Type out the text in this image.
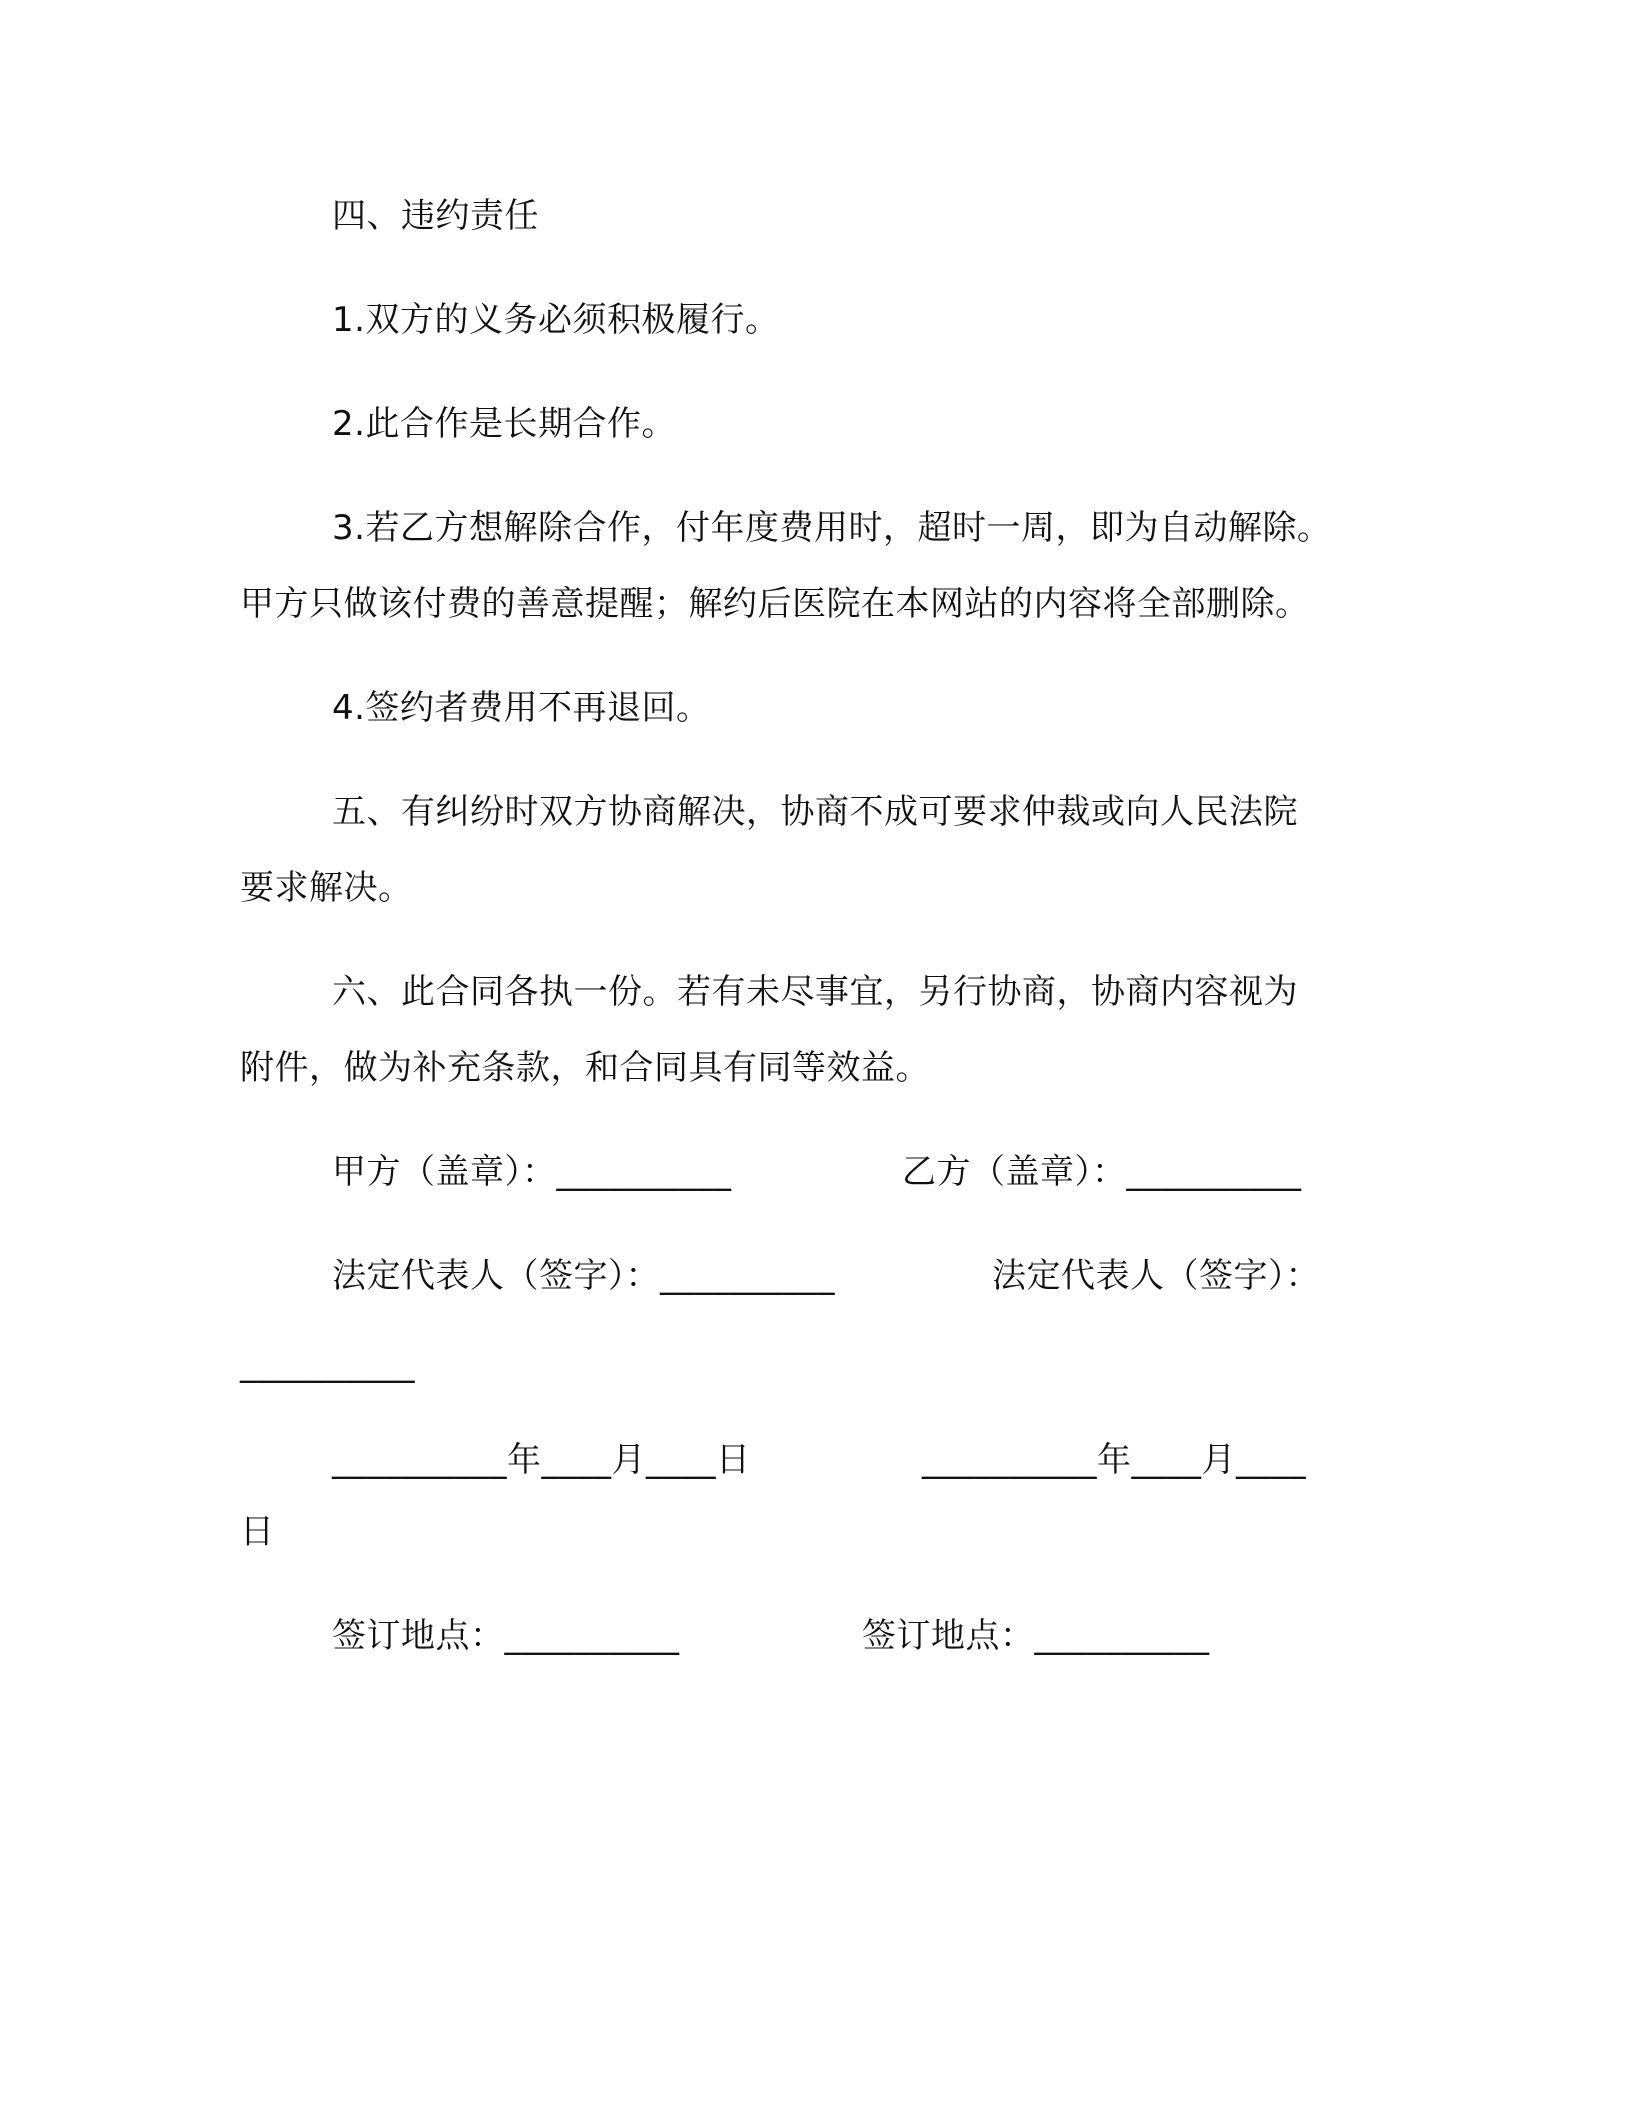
四、违约责任
1.双方的义务必须积极履行。
2.此合作是长期合作。
3.若乙方想解除合作，付年度费用时，超时一周，即为自动解除。
甲方只做该付费的善意提醒；解约后医院在本网站的内容将全部删除。
4.签约者费用不再退回。
五、有纠纷时双方协商解决，协商不成可要求仲裁或向人民法院
要求解决。
六、此合同各执一份。若有未尽事宜，另行协商，协商内容视为
附件，做为补充条款，和合同具有同等效益。
甲方（盖章）：__________	乙方（盖章）：__________
法定代表人（签字）：__________	法定代表人（签字）：
__________
__________年____月____日	__________年____月____
日
签订地点：__________	签订地点：__________
